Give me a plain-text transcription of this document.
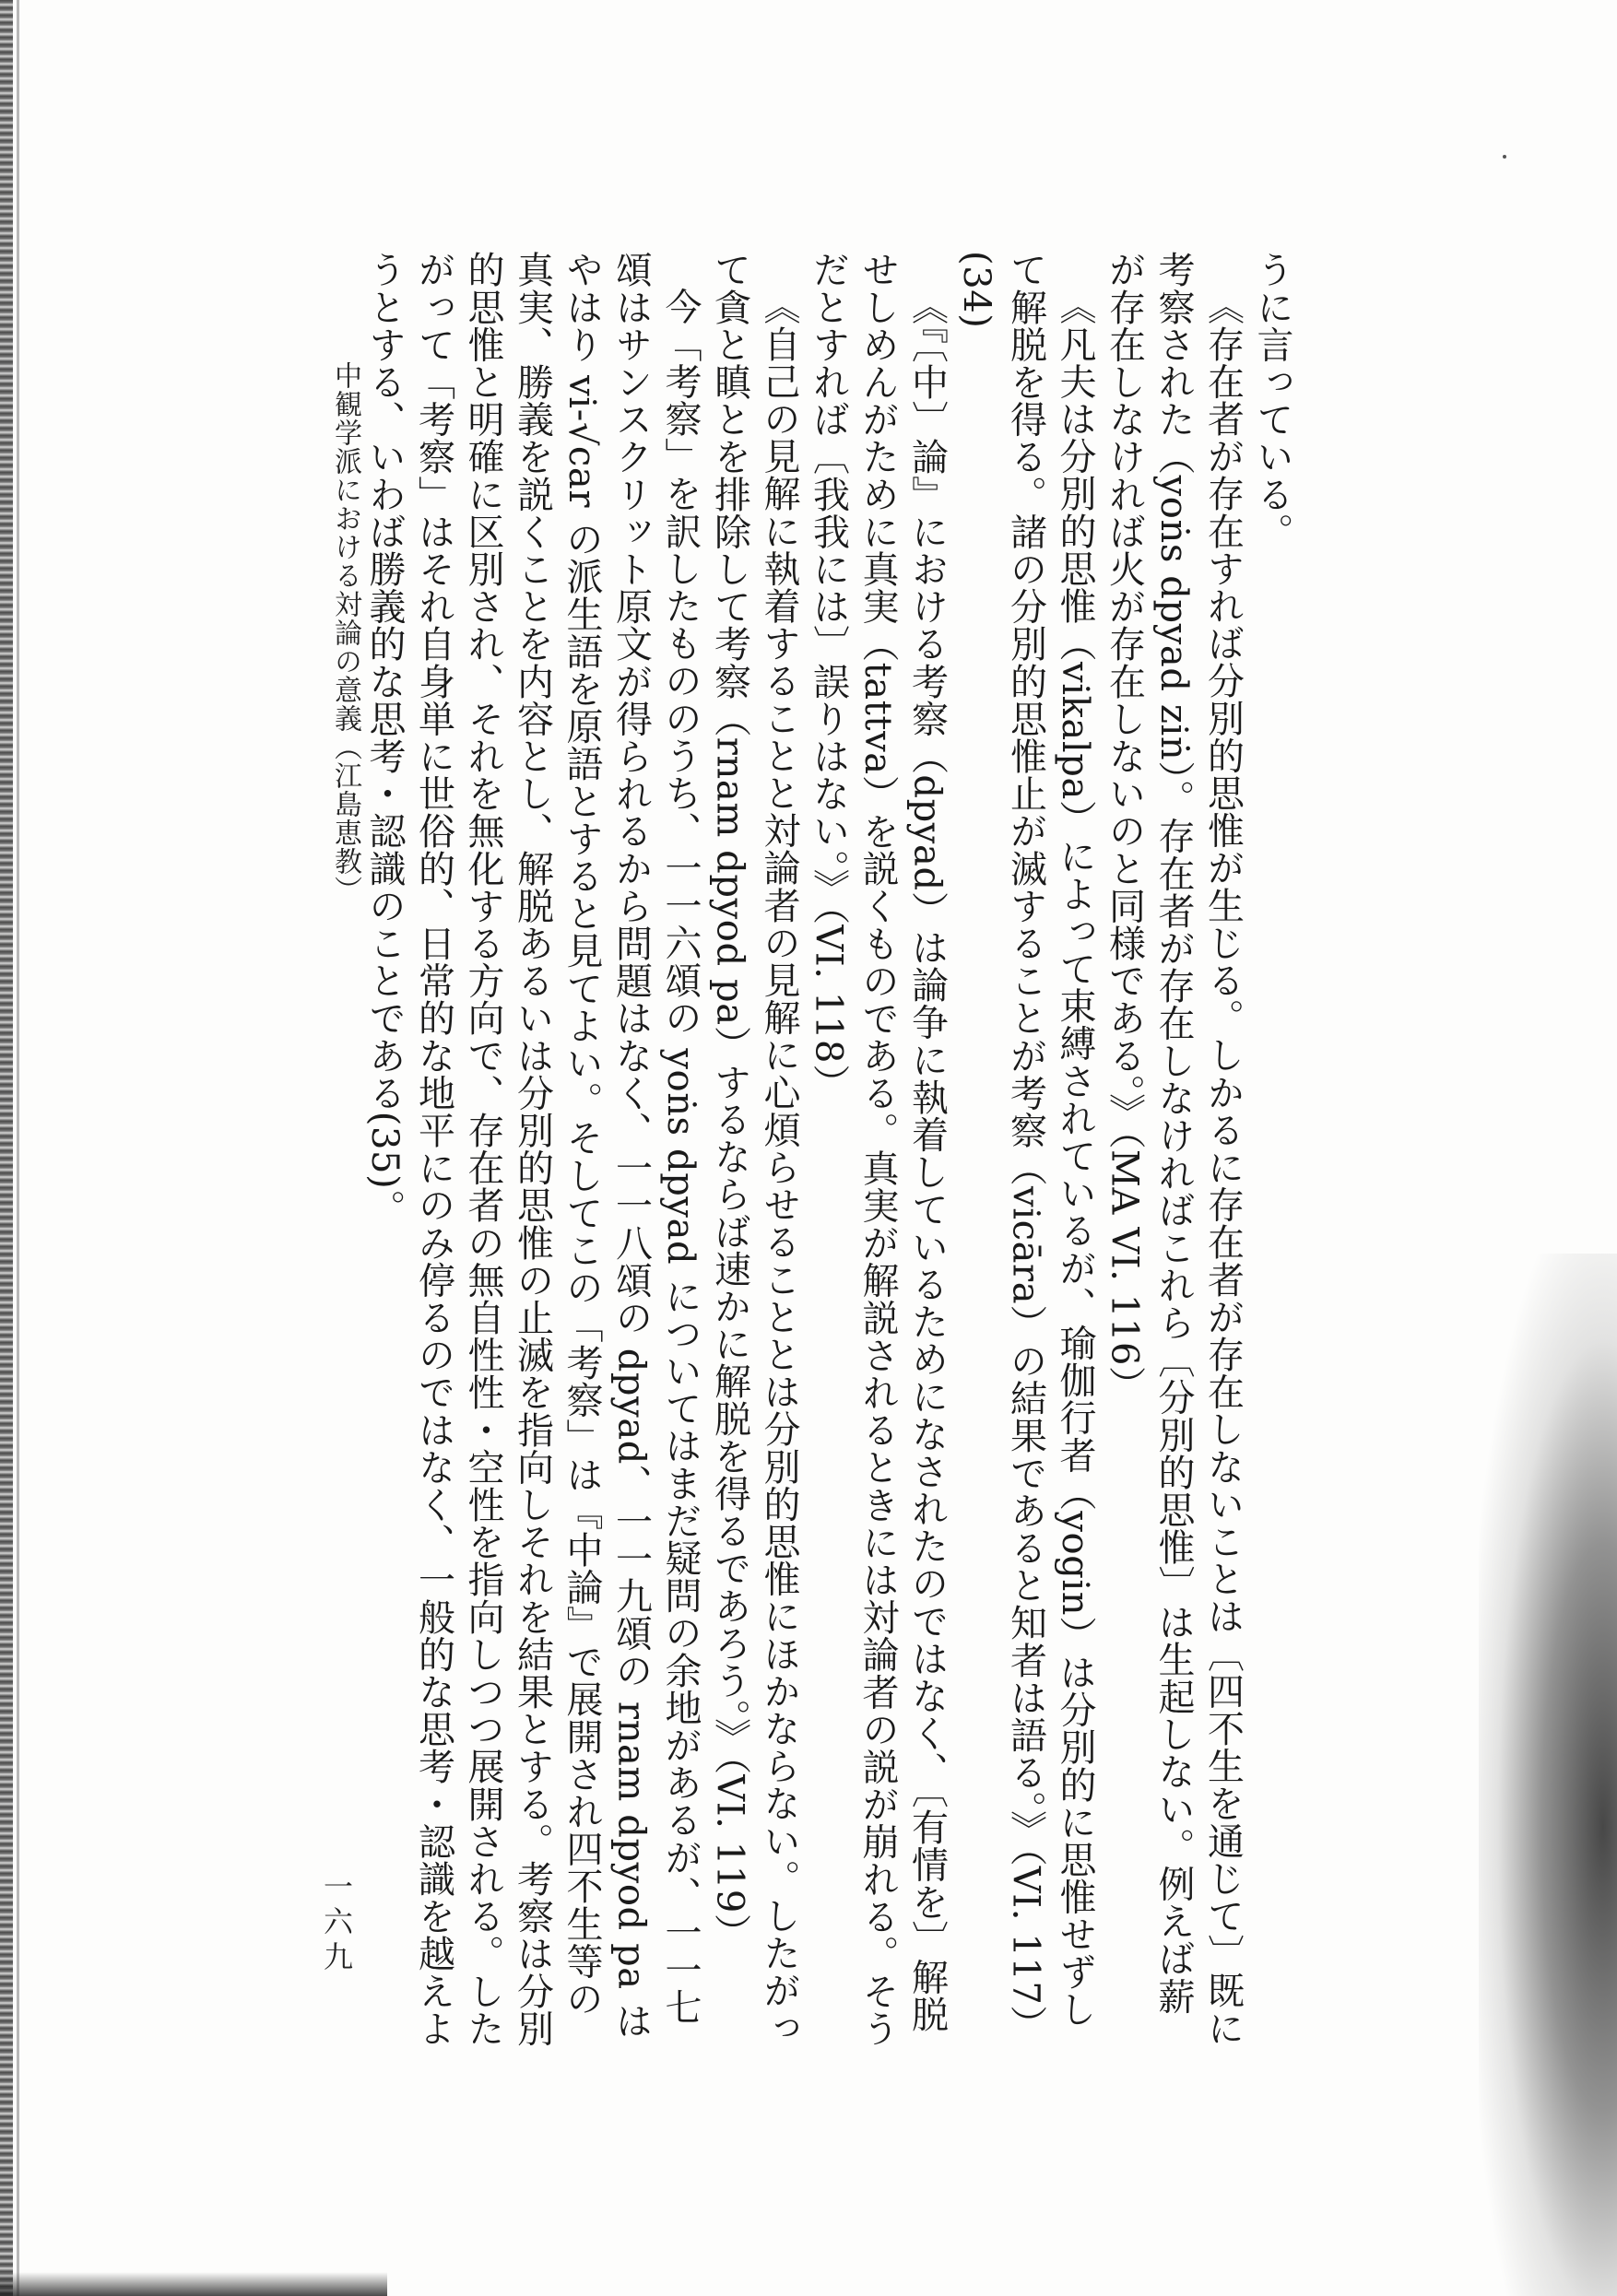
うに言っている。

《存在者が存在すれば分別的思惟が生じる。しかるに存在者が存在しないことは〔四不生を通じて〕既に考察された（yoṅs dpyad ziṅ）。存在者が存在しなければこれら〔分別的思惟〕は生起しない。例えば薪が存在しなければ火が存在しないのと同様である。》（MA VI. 116）

《凡夫は分別的思惟（vikalpa）によって束縛されているが、瑜伽行者（yogin）は分別的に思惟せずして解脱を得る。諸の分別的思惟止が滅することが考察（vicāra）の結果であると知者は語る。》（VI. 117）(34)

《『〔中〕論』における考察（dpyad）は論争に執着しているためになされたのではなく、〔有情を〕解脱せしめんがために真実（tattva）を説くものである。真実が解説されるときには対論者の説が崩れる。そうだとすれば〔我我には〕誤りはない。》（VI. 118）

《自己の見解に執着することと対論者の見解に心煩らせることとは分別的思惟にほかならない。したがって貪と瞋とを排除して考察（rnam dpyod pa）するならば速かに解脱を得るであろう。》（VI. 119）

今「考察」を訳したもののうち、一一六頌の yoṅs dpyad についてはまだ疑問の余地があるが、一一七頌はサンスクリット原文が得られるから問題はなく、一一八頌の dpyad、一一九頌の rnam dpyod pa はやはり vi-√car の派生語を原語とすると見てよい。そしてこの「考察」は『中論』で展開され四不生等の真実、勝義を説くことを内容とし、解脱あるいは分別的思惟の止滅を指向しそれを結果とする。考察は分別的思惟と明確に区別され、それを無化する方向で、存在者の無自性性・空性を指向しつつ展開される。したがって「考察」はそれ自身単に世俗的、日常的な地平にのみ停るのではなく、一般的な思考・認識を越えようとする、いわば勝義的な思考・認識のことである(35)。

中観学派における対論の意義（江島恵教）
一六九
